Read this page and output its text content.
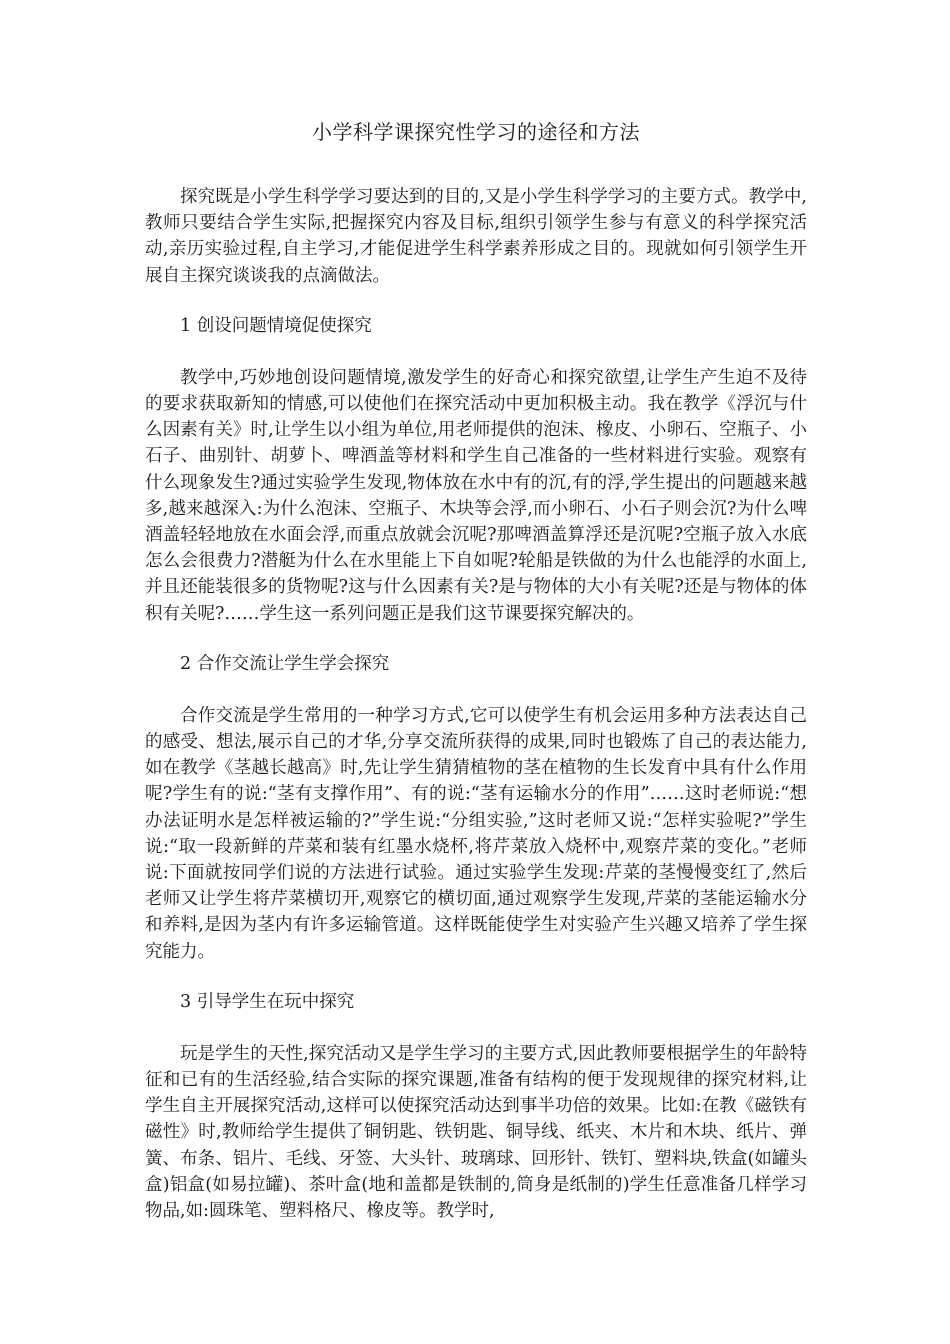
小学科学课探究性学习的途径和方法

探究既是小学生科学学习要达到的目的,又是小学生科学学习的主要方式。教学中,教师只要结合学生实际,把握探究内容及目标,组织引领学生参与有意义的科学探究活动,亲历实验过程,自主学习,才能促进学生科学素养形成之目的。现就如何引领学生开展自主探究谈谈我的点滴做法。

1 创设问题情境促使探究

教学中,巧妙地创设问题情境,激发学生的好奇心和探究欲望,让学生产生迫不及待的要求获取新知的情感,可以使他们在探究活动中更加积极主动。我在教学《浮沉与什么因素有关》时,让学生以小组为单位,用老师提供的泡沫、橡皮、小卵石、空瓶子、小石子、曲别针、胡萝卜、啤酒盖等材料和学生自己准备的一些材料进行实验。观察有什么现象发生?通过实验学生发现,物体放在水中有的沉,有的浮,学生提出的问题越来越多,越来越深入:为什么泡沫、空瓶子、木块等会浮,而小卵石、小石子则会沉?为什么啤酒盖轻轻地放在水面会浮,而重点放就会沉呢?那啤酒盖算浮还是沉呢?空瓶子放入水底怎么会很费力?潜艇为什么在水里能上下自如呢?轮船是铁做的为什么也能浮的水面上,并且还能装很多的货物呢?这与什么因素有关?是与物体的大小有关呢?还是与物体的体积有关呢?……学生这一系列问题正是我们这节课要探究解决的。

2 合作交流让学生学会探究

合作交流是学生常用的一种学习方式,它可以使学生有机会运用多种方法表达自己的感受、想法,展示自己的才华,分享交流所获得的成果,同时也锻炼了自己的表达能力,如在教学《茎越长越高》时,先让学生猜猜植物的茎在植物的生长发育中具有什么作用呢?学生有的说:“茎有支撑作用”、有的说:“茎有运输水分的作用”……这时老师说:“想办法证明水是怎样被运输的?”学生说:“分组实验,”这时老师又说:“怎样实验呢?”学生说:“取一段新鲜的芹菜和装有红墨水烧杯,将芹菜放入烧杯中,观察芹菜的变化。”老师说:下面就按同学们说的方法进行试验。通过实验学生发现:芹菜的茎慢慢变红了,然后老师又让学生将芹菜横切开,观察它的横切面,通过观察学生发现,芹菜的茎能运输水分和养料,是因为茎内有许多运输管道。这样既能使学生对实验产生兴趣又培养了学生探究能力。

3 引导学生在玩中探究

玩是学生的天性,探究活动又是学生学习的主要方式,因此教师要根据学生的年龄特征和已有的生活经验,结合实际的探究课题,准备有结构的便于发现规律的探究材料,让学生自主开展探究活动,这样可以使探究活动达到事半功倍的效果。比如:在教《磁铁有磁性》时,教师给学生提供了铜钥匙、铁钥匙、铜导线、纸夹、木片和木块、纸片、弹簧、布条、铝片、毛线、牙签、大头针、玻璃球、回形针、铁钉、塑料块,铁盒(如罐头盒)铝盒(如易拉罐)、茶叶盒(地和盖都是铁制的,筒身是纸制的)学生任意准备几样学习物品,如:圆珠笔、塑料格尺、橡皮等。教学时,
